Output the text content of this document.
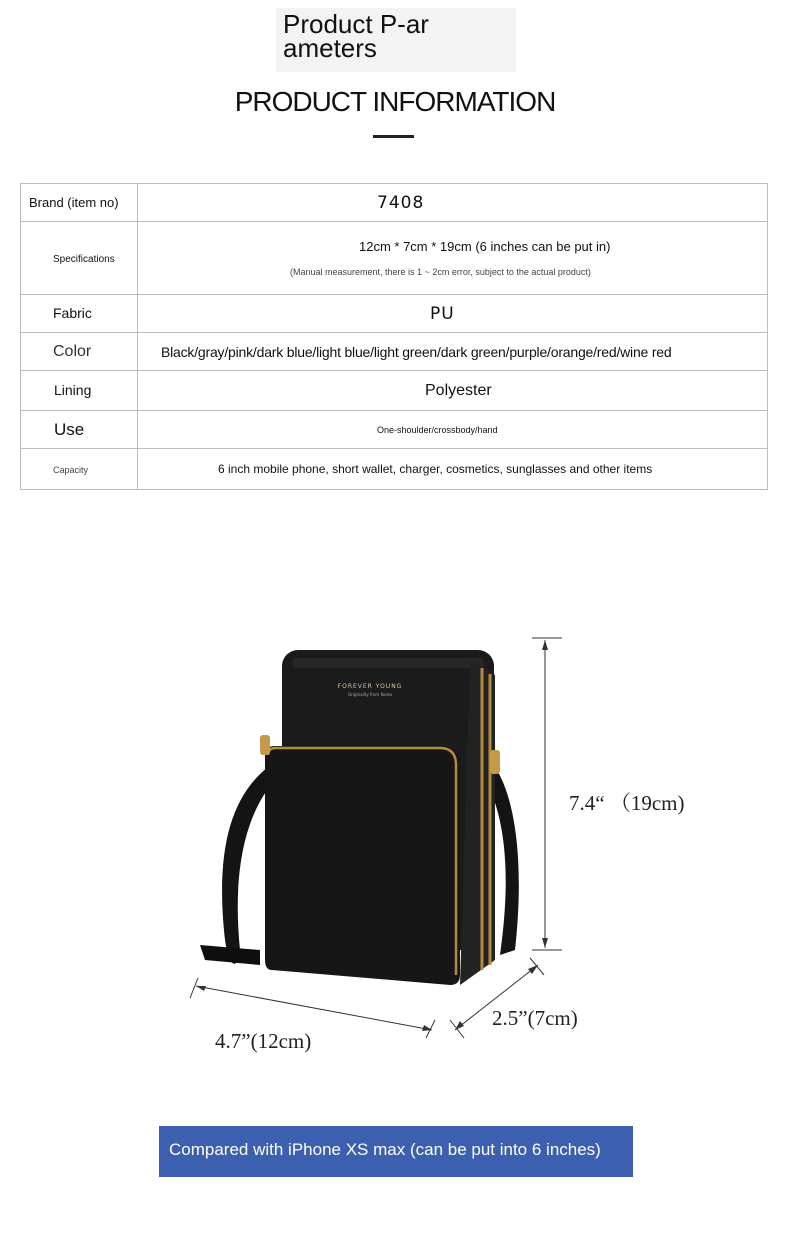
Product P-arameters
PRODUCT INFORMATION
Brand (item no)	7408

Specifications	12cm * 7cm * 19cm (6 inches can be put in)
(Manual measurement, there is 1 ~ 2cm error, subject to the actual product)

Fabric	PU

Color	Black/gray/pink/dark blue/light blue/light green/dark green/purple/orange/red/wine red

Lining	Polyester

Use	One-shoulder/crossbody/hand

Capacity	6 inch mobile phone, short wallet, charger, cosmetics, sunglasses and other items
FOREVER YOUNG
Originality from Korea
7.4“ （19cm)
4.7”(12cm)
2.5”(7cm)
Compared with iPhone XS max (can be put into 6 inches)
